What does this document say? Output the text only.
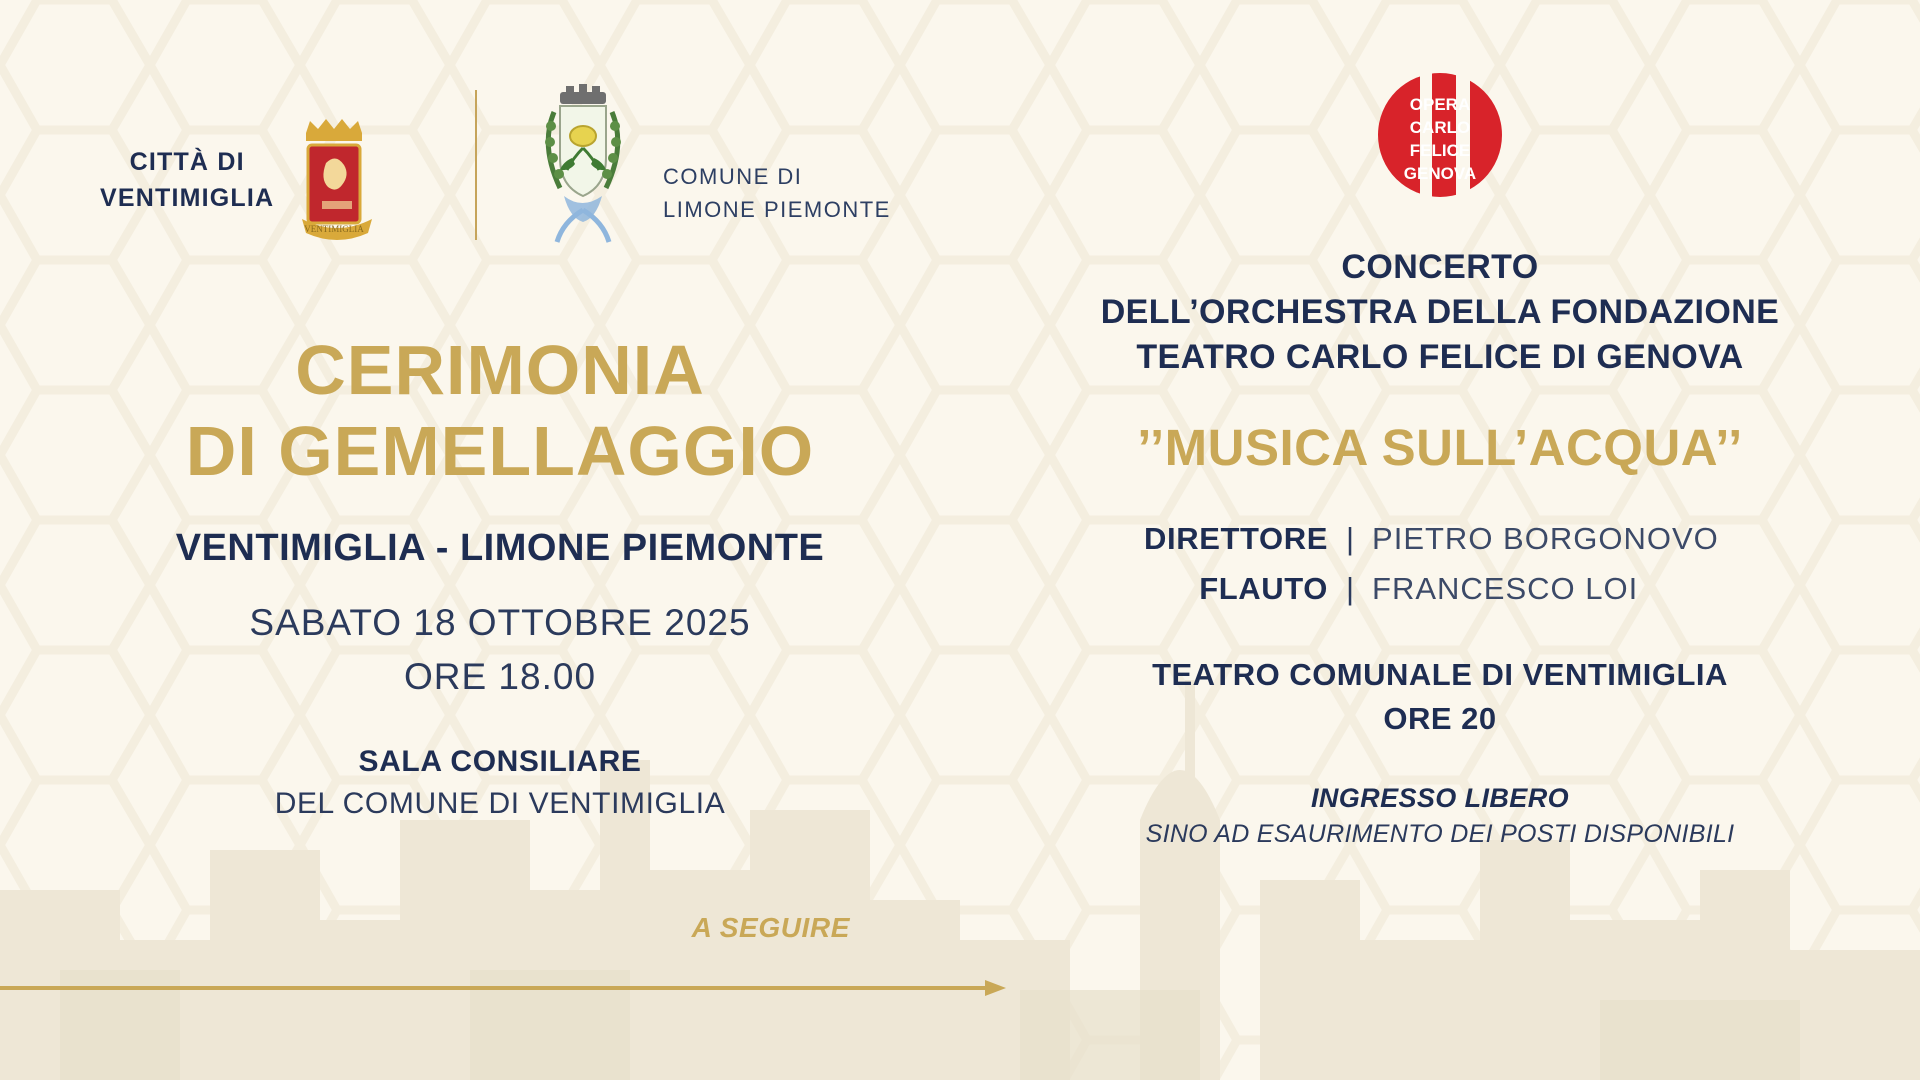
CITTÀ DI
VENTIMIGLIA
VENTIMIGLIA
COMUNE DI
LIMONE PIEMONTE
OPERA
CARLO
FELICE
GENOVA
CERIMONIA
DI GEMELLAGGIO
VENTIMIGLIA - LIMONE PIEMONTE
SABATO 18 OTTOBRE 2025
ORE 18.00
SALA CONSILIARE
DEL COMUNE DI VENTIMIGLIA
A SEGUIRE
CONCERTO
DELL’ORCHESTRA DELLA FONDAZIONE
TEATRO CARLO FELICE DI GENOVA
’’MUSICA SULL’ACQUA’’
DIRETTORE | PIETRO BORGONOVO
FLAUTO | FRANCESCO LOI
TEATRO COMUNALE DI VENTIMIGLIA
ORE 20
INGRESSO LIBERO
SINO AD ESAURIMENTO DEI POSTI DISPONIBILI
